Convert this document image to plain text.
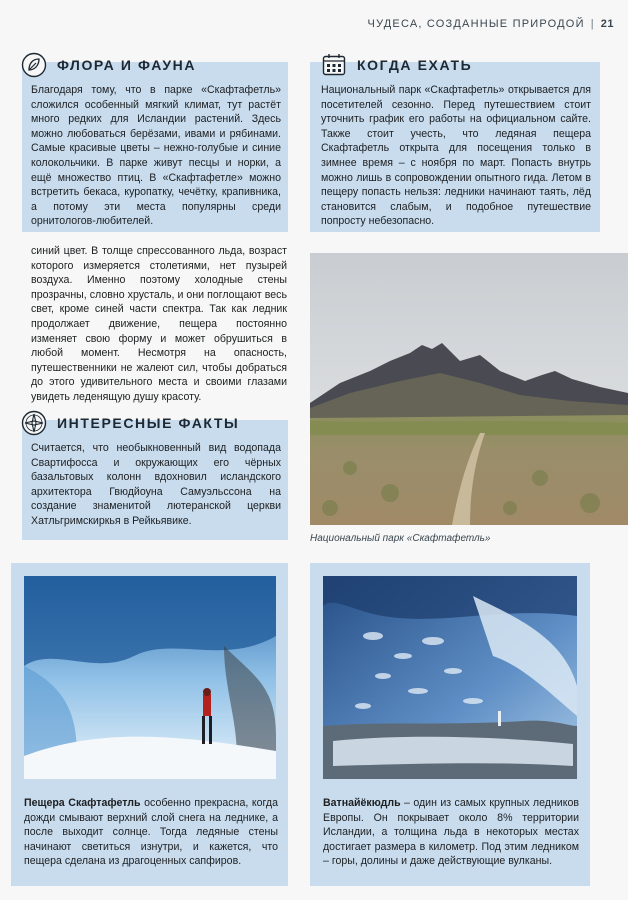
ЧУДЕСА, СОЗДАННЫЕ ПРИРОДОЙ | 21
ФЛОРА И ФАУНА
Благодаря тому, что в парке «Скафтафетль» сложился особенный мягкий климат, тут растёт много редких для Исландии растений. Здесь можно любоваться берёзами, ивами и рябинами. Самые красивые цветы – нежно-голубые и синие колокольчики. В парке живут песцы и норки, а ещё множество птиц. В «Скафтафетле» можно встретить бекаса, куропатку, чечётку, крапивника, а потому эти места популярны среди орнитологов-любителей.
КОГДА ЕХАТЬ
Национальный парк «Скафтафетль» открывается для посетителей сезонно. Перед путешествием стоит уточнить график его работы на официальном сайте. Также стоит учесть, что ледяная пещера Скафтафетль открыта для посещения только в зимнее время – с ноября по март. Попасть внутрь можно лишь в сопровождении опытного гида. Летом в пещеру попасть нельзя: ледники начинают таять, лёд становится слабым, и подобное путешествие попросту небезопасно.
синий цвет. В толще спрессованного льда, возраст которого измеряется столетиями, нет пузырей воздуха. Именно поэтому холодные стены прозрачны, словно хрусталь, и они поглощают весь свет, кроме синей части спектра. Так как ледник продолжает движение, пещера постоянно изменяет свою форму и может обрушиться в любой момент. Несмотря на опасность, путешественники не жалеют сил, чтобы добраться до этого удивительного места и своими глазами увидеть леденящую душу красоту.
ИНТЕРЕСНЫЕ ФАКТЫ
Считается, что необыкновенный вид водопада Свартифосса и окружающих его чёрных базальтовых колонн вдохновил исландского архитектора Гвюдйоуна Самуэльссона на создание знаменитой лютеранской церкви Хатльгримскиркья в Рейкьявике.
Национальный парк «Скафтафетль»
Пещера Скафтафетль особенно прекрасна, когда дожди смывают верхний слой снега на леднике, а после выходит солнце. Тогда ледяные стены начинают светиться изнутри, и кажется, что пещера сделана из драгоценных сапфиров.
Ватнайёкюдль – один из самых крупных ледников Европы. Он покрывает около 8% территории Исландии, а толщина льда в некоторых местах достигает размера в километр. Под этим ледником – горы, долины и даже действующие вулканы.
